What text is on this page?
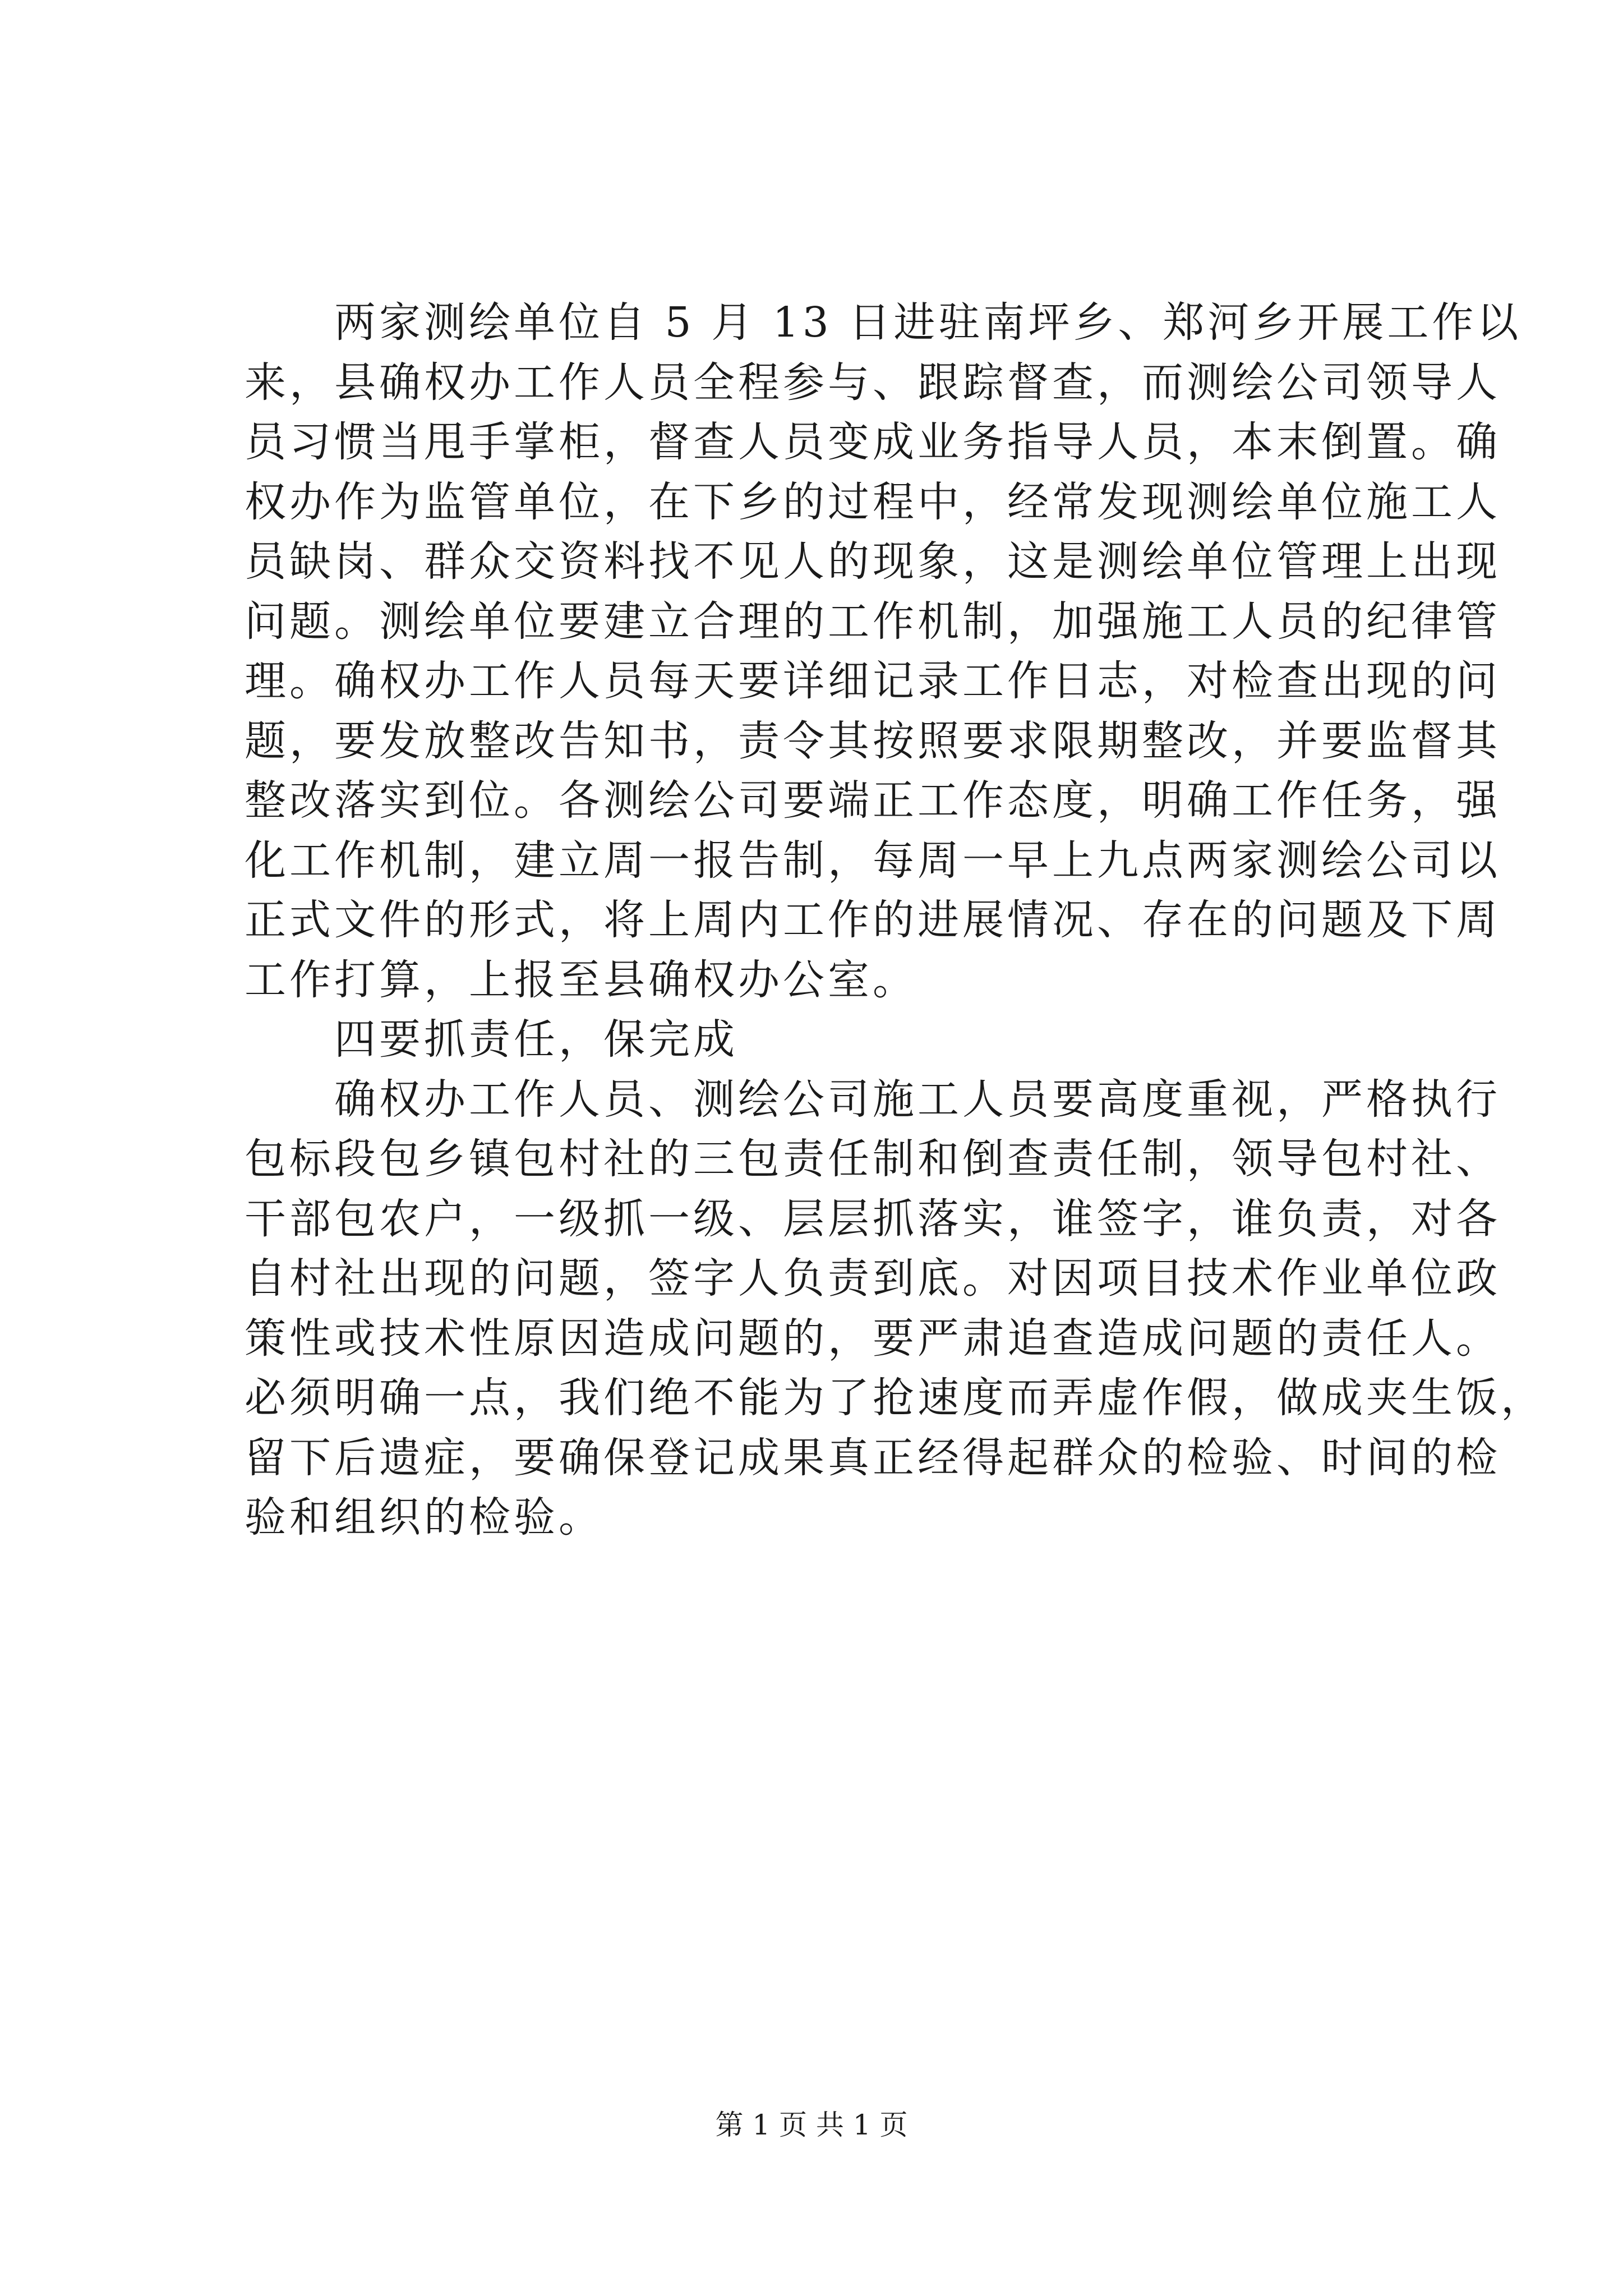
　　两家测绘单位自 5 月 13 日进驻南坪乡、郑河乡开展工作以
来，县确权办工作人员全程参与、跟踪督查，而测绘公司领导人
员习惯当甩手掌柜，督查人员变成业务指导人员，本末倒置。确
权办作为监管单位，在下乡的过程中，经常发现测绘单位施工人
员缺岗、群众交资料找不见人的现象，这是测绘单位管理上出现
问题。测绘单位要建立合理的工作机制，加强施工人员的纪律管
理。确权办工作人员每天要详细记录工作日志，对检查出现的问
题，要发放整改告知书，责令其按照要求限期整改，并要监督其
整改落实到位。各测绘公司要端正工作态度，明确工作任务，强
化工作机制，建立周一报告制，每周一早上九点两家测绘公司以
正式文件的形式，将上周内工作的进展情况、存在的问题及下周
工作打算，上报至县确权办公室。
　　四要抓责任，保完成
　　确权办工作人员、测绘公司施工人员要高度重视，严格执行
包标段包乡镇包村社的三包责任制和倒查责任制，领导包村社、
干部包农户，一级抓一级、层层抓落实，谁签字，谁负责，对各
自村社出现的问题，签字人负责到底。对因项目技术作业单位政
策性或技术性原因造成问题的，要严肃追查造成问题的责任人。
必须明确一点，我们绝不能为了抢速度而弄虚作假，做成夹生饭，
留下后遗症，要确保登记成果真正经得起群众的检验、时间的检
验和组织的检验。
第 1 页 共 1 页
